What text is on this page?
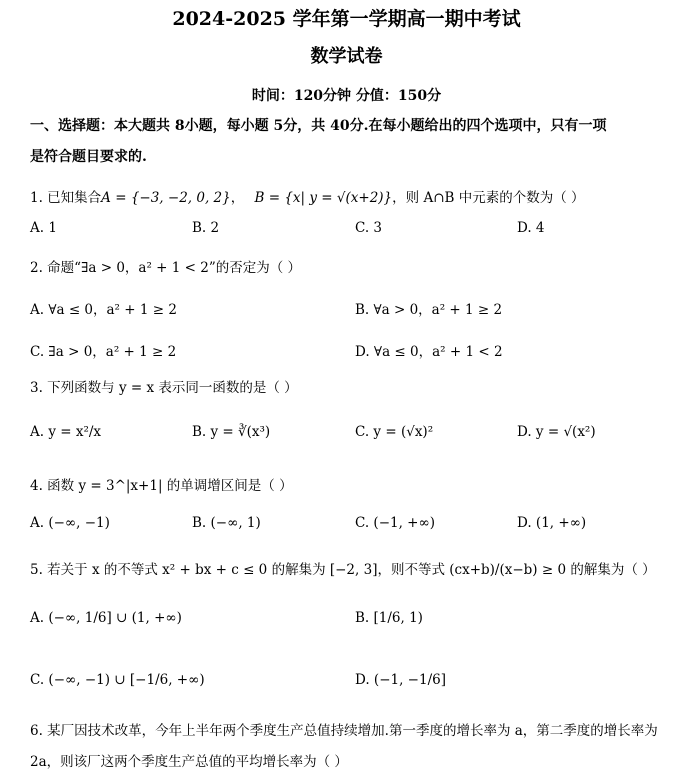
2024-2025 学年第一学期高一期中考试
数学试卷
时间：120分钟 分值：150分
一、选择题：本大题共 8小题，每小题 5分，共 40分.在每小题给出的四个选项中，只有一项
是符合题目要求的.
1. 已知集合A = {−3, −2, 0, 2}， B = {x| y = √(x+2)}，则 A∩B 中元素的个数为（ ）
A. 1	B. 2	C. 3	D. 4
2. 命题“∃a > 0，a² + 1 < 2”的否定为（ ）
A. ∀a ≤ 0，a² + 1 ≥ 2	B. ∀a > 0，a² + 1 ≥ 2
C. ∃a > 0，a² + 1 ≥ 2	D. ∀a ≤ 0，a² + 1 < 2
3. 下列函数与 y = x 表示同一函数的是（ ）
A. y = x²/x	B. y = ∛(x³)	C. y = (√x)²	D. y = √(x²)
4. 函数 y = 3^|x+1| 的单调增区间是（ ）
A. (−∞, −1)	B. (−∞, 1)	C. (−1, +∞)	D. (1, +∞)
5. 若关于 x 的不等式 x² + bx + c ≤ 0 的解集为 [−2, 3]，则不等式 (cx+b)/(x−b) ≥ 0 的解集为（ ）
A. (−∞, 1/6] ∪ (1, +∞)	B. [1/6, 1)
C. (−∞, −1) ∪ [−1/6, +∞)	D. (−1, −1/6]
6. 某厂因技术改革，今年上半年两个季度生产总值持续增加.第一季度的增长率为 a，第二季度的增长率为
2a，则该厂这两个季度生产总值的平均增长率为（ ）
